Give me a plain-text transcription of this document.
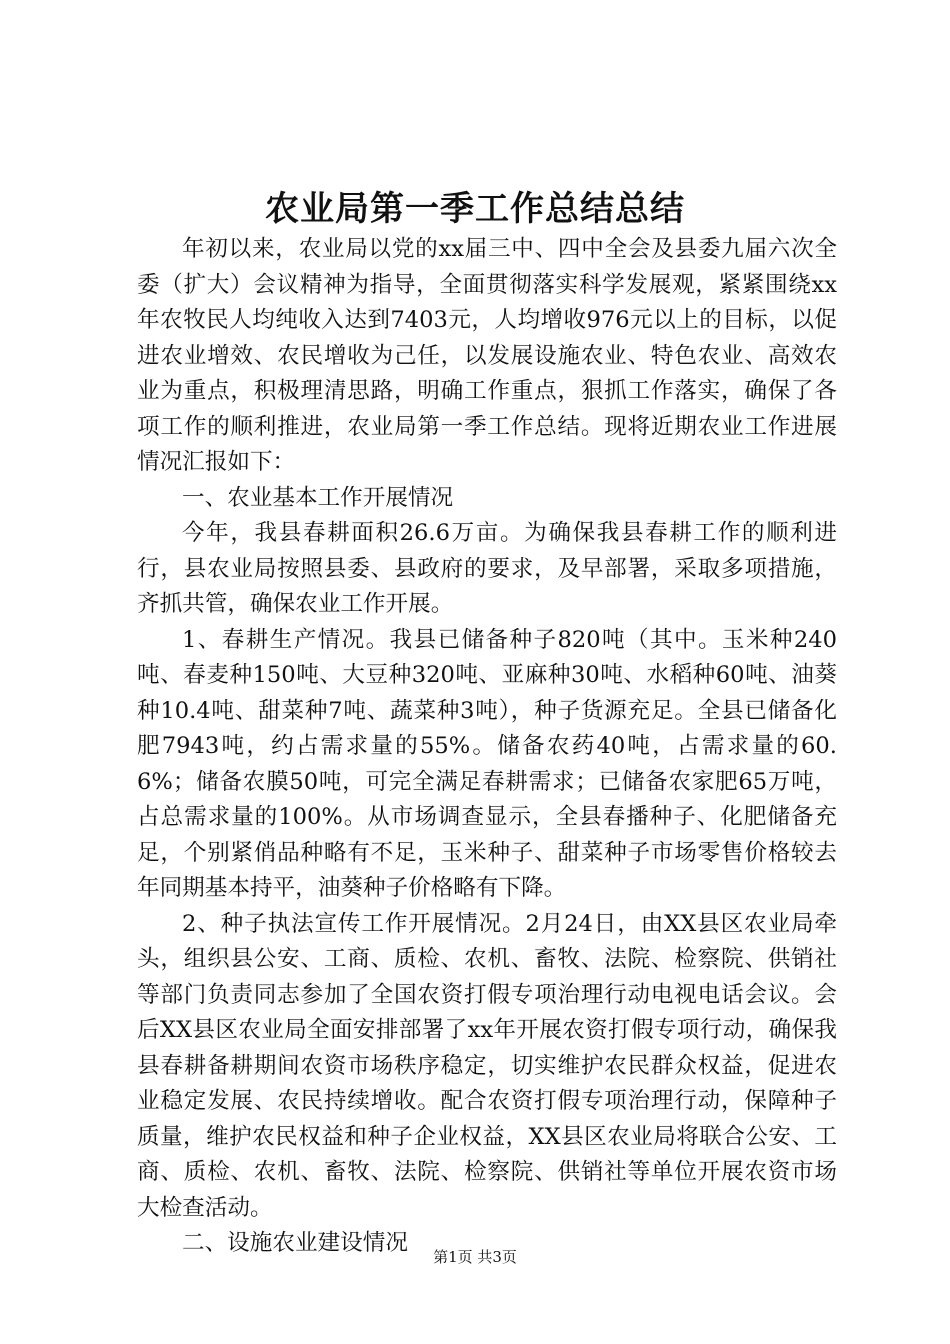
农业局第一季工作总结总结

年初以来，农业局以党的xx届三中、四中全会及县委九届六次全委（扩大）会议精神为指导，全面贯彻落实科学发展观，紧紧围绕xx年农牧民人均纯收入达到7403元，人均增收976元以上的目标，以促进农业增效、农民增收为己任，以发展设施农业、特色农业、高效农业为重点，积极理清思路，明确工作重点，狠抓工作落实，确保了各项工作的顺利推进，农业局第一季工作总结。现将近期农业工作进展情况汇报如下：

一、农业基本工作开展情况

今年，我县春耕面积26.6万亩。为确保我县春耕工作的顺利进行，县农业局按照县委、县政府的要求，及早部署，采取多项措施，齐抓共管，确保农业工作开展。

1、春耕生产情况。我县已储备种子820吨（其中。玉米种240吨、春麦种150吨、大豆种320吨、亚麻种30吨、水稻种60吨、油葵种10.4吨、甜菜种7吨、蔬菜种3吨），种子货源充足。全县已储备化肥7943吨，约占需求量的55%。储备农药40吨，占需求量的60.6%；储备农膜50吨，可完全满足春耕需求；已储备农家肥65万吨，占总需求量的100%。从市场调查显示，全县春播种子、化肥储备充足，个别紧俏品种略有不足，玉米种子、甜菜种子市场零售价格较去年同期基本持平，油葵种子价格略有下降。

2、种子执法宣传工作开展情况。2月24日，由XX县区农业局牵头，组织县公安、工商、质检、农机、畜牧、法院、检察院、供销社等部门负责同志参加了全国农资打假专项治理行动电视电话会议。会后XX县区农业局全面安排部署了xx年开展农资打假专项行动，确保我县春耕备耕期间农资市场秩序稳定，切实维护农民群众权益，促进农业稳定发展、农民持续增收。配合农资打假专项治理行动，保障种子质量，维护农民权益和种子企业权益，XX县区农业局将联合公安、工商、质检、农机、畜牧、法院、检察院、供销社等单位开展农资市场大检查活动。

二、设施农业建设情况

第1页 共3页
